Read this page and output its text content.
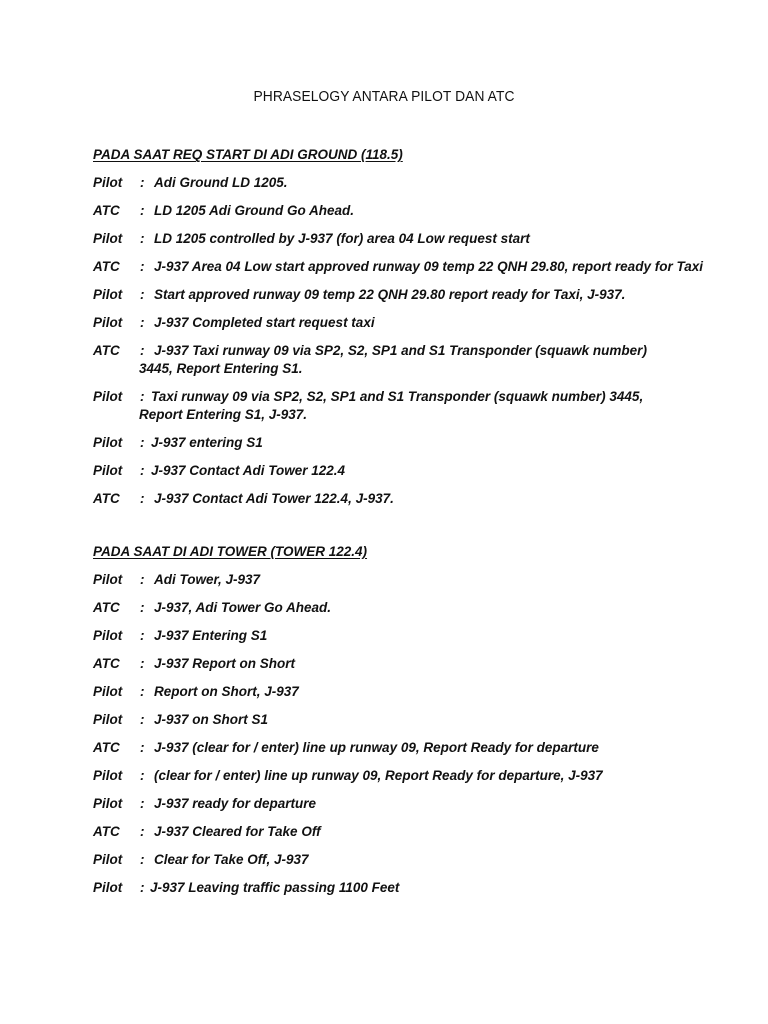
PHRASELOGY ANTARA PILOT DAN ATC
PADA SAAT REQ START DI ADI GROUND (118.5)
Pilot	: Adi Ground LD 1205.
ATC	: LD 1205 Adi Ground Go Ahead.
Pilot	: LD 1205 controlled by J-937 (for) area 04 Low request start
ATC	: J-937 Area 04 Low start approved runway 09 temp 22 QNH 29.80, report ready for Taxi
Pilot	: Start approved runway 09 temp 22 QNH 29.80 report ready for Taxi, J-937.
Pilot	: J-937 Completed start request taxi
ATC	: J-937 Taxi runway 09 via SP2, S2, SP1 and S1 Transponder (squawk number) 3445, Report Entering S1.
Pilot	: Taxi runway 09 via SP2, S2, SP1 and S1 Transponder (squawk number) 3445, Report Entering S1, J-937.
Pilot	: J-937 entering S1
Pilot	: J-937 Contact Adi Tower 122.4
ATC	: J-937 Contact Adi Tower 122.4, J-937.
PADA SAAT DI ADI TOWER (TOWER 122.4)
Pilot	: Adi Tower, J-937
ATC	: J-937, Adi Tower Go Ahead.
Pilot	: J-937 Entering S1
ATC	: J-937 Report on Short
Pilot	: Report on Short, J-937
Pilot	: J-937 on Short S1
ATC	: J-937 (clear for / enter) line up runway 09, Report Ready for departure
Pilot	: (clear for / enter) line up runway 09, Report Ready for departure, J-937
Pilot	: J-937 ready for departure
ATC	: J-937 Cleared for Take Off
Pilot	: Clear for Take Off, J-937
Pilot	: J-937 Leaving traffic passing 1100 Feet
